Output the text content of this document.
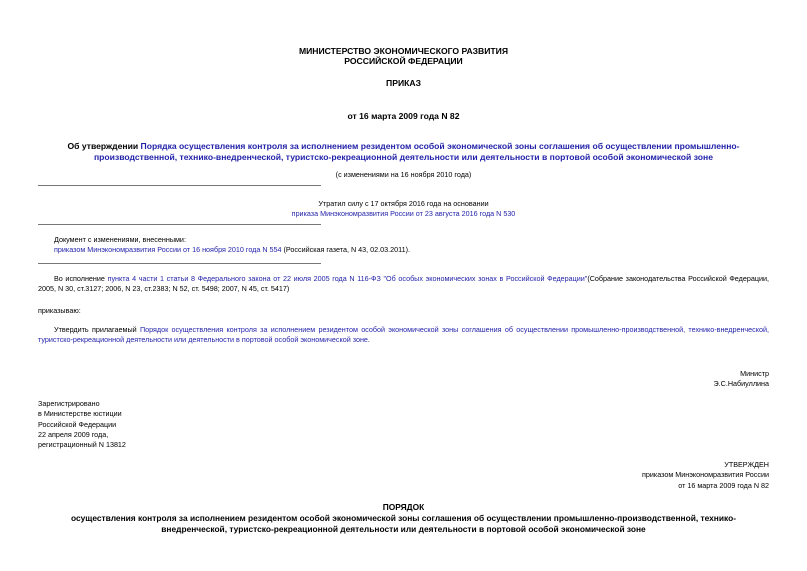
МИНИСТЕРСТВО ЭКОНОМИЧЕСКОГО РАЗВИТИЯ
РОССИЙСКОЙ ФЕДЕРАЦИИ
ПРИКАЗ
от 16 марта 2009 года N 82
Об утверждении Порядка осуществления контроля за исполнением резидентом особой экономической зоны соглашения об осуществлении промышленно-производственной, технико-внедренческой, туристско-рекреационной деятельности или деятельности в портовой особой экономической зоне
(с изменениями на 16 ноября 2010 года)
Утратил силу с 17 октября 2016 года на основании
приказа Минэкономразвития России от 23 августа 2016 года N 530
Документ с изменениями, внесенными:
приказом Минэкономразвития России от 16 ноября 2010 года N 554 (Российская газета, N 43, 02.03.2011).
Во исполнение пункта 4 части 1 статьи 8 Федерального закона от 22 июля 2005 года N 116-ФЗ "Об особых экономических зонах в Российской Федерации"(Собрание законодательства Российской Федерации, 2005, N 30, ст.3127; 2006, N 23, ст.2383; N 52, ст. 5498; 2007, N 45, ст. 5417)
приказываю:
Утвердить прилагаемый Порядок осуществления контроля за исполнением резидентом особой экономической зоны соглашения об осуществлении промышленно-производственной, технико-внедренческой, туристско-рекреационной деятельности или деятельности в портовой особой экономической зоне.
Министр
Э.С.Набиуллина
Зарегистрировано
в Министерстве юстиции
Российской Федерации
22 апреля 2009 года,
регистрационный N 13812
УТВЕРЖДЕН
приказом Минэкономразвития России
от 16 марта 2009 года N 82
ПОРЯДОК
осуществления контроля за исполнением резидентом особой экономической зоны соглашения об осуществлении промышленно-производственной, технико-внедренческой, туристско-рекреационной деятельности или деятельности в портовой особой экономической зоне
